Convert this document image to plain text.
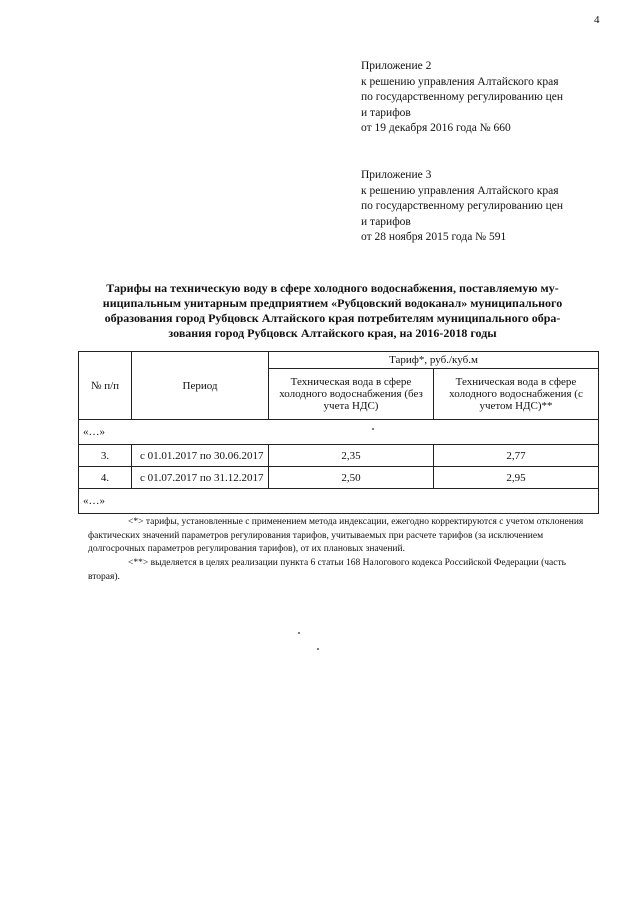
4
Приложение 2
к решению управления Алтайского края
по государственному регулированию цен
и тарифов
от 19 декабря 2016 года № 660
Приложение 3
к решению управления Алтайского края
по государственному регулированию цен
и тарифов
от 28 ноября 2015 года № 591
Тарифы на техническую воду в сфере холодного водоснабжения, поставляемую му-
ниципальным унитарным предприятием «Рубцовский водоканал» муниципального
образования город Рубцовск Алтайского края потребителям муниципального обра-
зования город Рубцовск Алтайского края, на 2016-2018 годы
№ п/п	Период	Тариф*, руб./куб.м	
		Техническая вода в сфере холодного водоснабжения (без учета НДС)	Техническая вода в сфере холодного водоснабжения (с учетом НДС)**
«…»			
3.	с 01.01.2017 по 30.06.2017	2,35	2,77
4.	с 01.07.2017 по 31.12.2017	2,50	2,95
«…»			
<*> тарифы, установленные с применением метода индексации, ежегодно корректируются с учетом отклонения фактических значений параметров регулирования тарифов, учитываемых при расчете тарифов (за исключением долгосрочных параметров регулирования тарифов), от их плановых значений.
<**> выделяется в целях реализации пункта 6 статьи 168 Налогового кодекса Российской Федерации (часть вторая).
